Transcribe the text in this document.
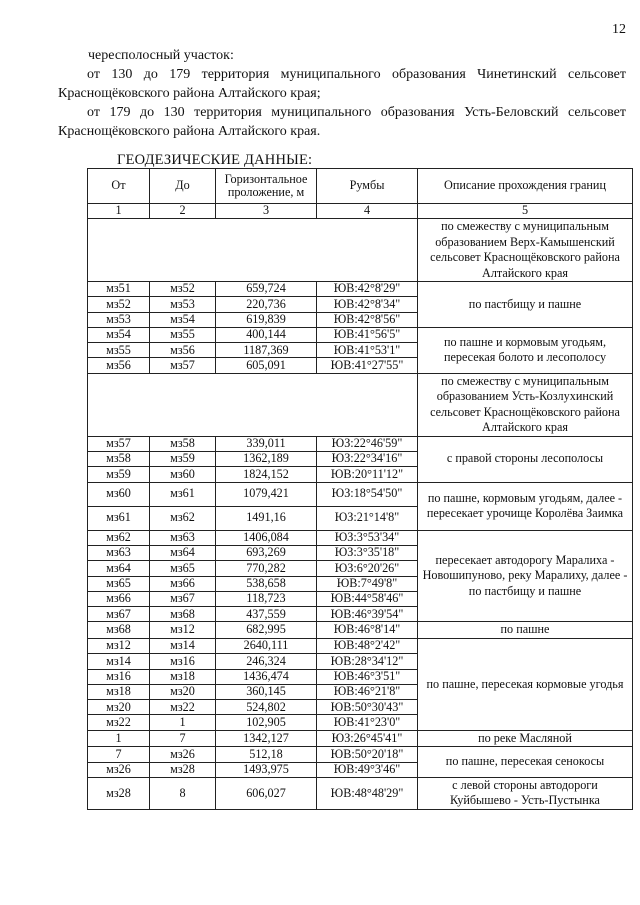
12

чересполосный участок:

от 130 до 179 территория муниципального образования Чинетинский сельсовет Краснощёковского района Алтайского края;

от 179 до 130 территория муниципального образования Усть-Беловский сельсовет Краснощёковского района Алтайского края.

ГЕОДЕЗИЧЕСКИЕ ДАННЫЕ:
От	До	Горизонтальное проложение, м	Румбы	Описание прохождения границ
1	2	3	4	5
				по смежеству с муниципальным образованием Верх-Камышенский сельсовет Краснощёковского района Алтайского края
мз51	мз52	659,724	ЮВ:42°8'29"	по пастбищу и пашне
мз52	мз53	220,736	ЮВ:42°8'34"	
мз53	мз54	619,839	ЮВ:42°8'56"	
мз54	мз55	400,144	ЮВ:41°56'5"	по пашне и кормовым угодьям, пересекая болото и лесополосу
мз55	мз56	1187,369	ЮВ:41°53'1"	
мз56	мз57	605,091	ЮВ:41°27'55"	
				по смежеству с муниципальным образованием Усть-Козлухинский сельсовет Краснощёковского района Алтайского края
мз57	мз58	339,011	ЮЗ:22°46'59"	с правой стороны лесополосы
мз58	мз59	1362,189	ЮЗ:22°34'16"	
мз59	мз60	1824,152	ЮВ:20°11'12"	
мз60	мз61	1079,421	ЮЗ:18°54'50"	по пашне, кормовым угодьям, далее - пересекает урочище Королёва Заимка
мз61	мз62	1491,16	ЮЗ:21°14'8"	
мз62	мз63	1406,084	ЮЗ:3°53'34"	пересекает автодорогу Маралиха - Новошипуново, реку Маралиху, далее - по пастбищу и пашне
мз63	мз64	693,269	ЮЗ:3°35'18"	
мз64	мз65	770,282	ЮЗ:6°20'26"	
мз65	мз66	538,658	ЮВ:7°49'8"	
мз66	мз67	118,723	ЮВ:44°58'46"	
мз67	мз68	437,559	ЮВ:46°39'54"	
мз68	мз12	682,995	ЮВ:46°8'14"	по пашне
мз12	мз14	2640,111	ЮВ:48°2'42"	по пашне, пересекая кормовые угодья
мз14	мз16	246,324	ЮВ:28°34'12"	
мз16	мз18	1436,474	ЮВ:46°3'51"	
мз18	мз20	360,145	ЮВ:46°21'8"	
мз20	мз22	524,802	ЮВ:50°30'43"	
мз22	1	102,905	ЮВ:41°23'0"	
1	7	1342,127	ЮЗ:26°45'41"	по реке Масляной
7	мз26	512,18	ЮВ:50°20'18"	по пашне, пересекая сенокосы
мз26	мз28	1493,975	ЮВ:49°3'46"	
мз28	8	606,027	ЮВ:48°48'29"	с левой стороны автодороги Куйбышево - Усть-Пустынка
